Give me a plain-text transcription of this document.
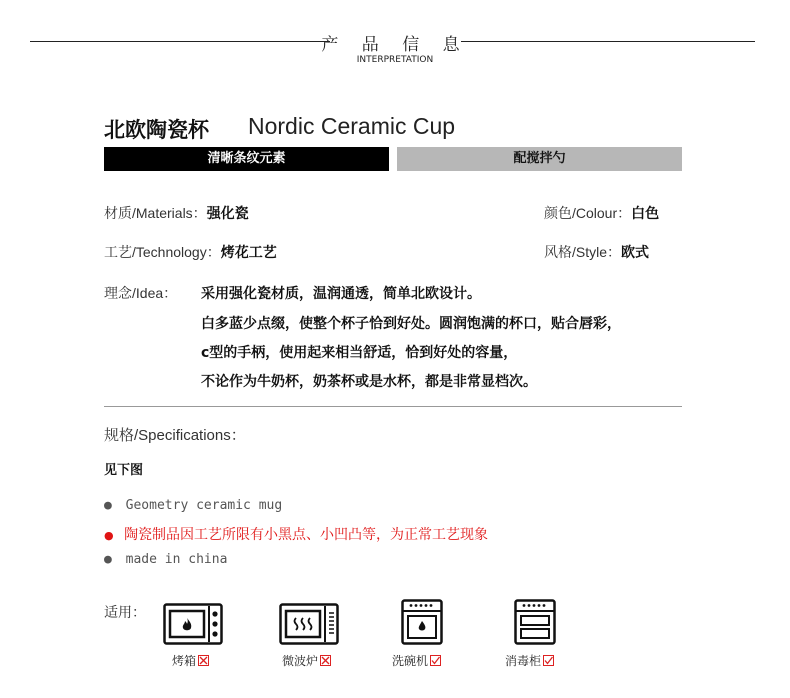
产 品 信 息
INTERPRETATION
北欧陶瓷杯 Nordic Ceramic Cup
清晰条纹元素	配搅拌勺
材质/Materials：强化瓷	颜色/Colour：白色
工艺/Technology：烤花工艺	风格/Style：欧式
理念/Idea： 采用强化瓷材质，温润通透，简单北欧设计。
白多蓝少点缀，使整个杯子恰到好处。圆润饱满的杯口，贴合唇彩，
c型的手柄，使用起来相当舒适，恰到好处的容量，
不论作为牛奶杯，奶茶杯或是水杯，都是非常显档次。
规格/Specifications：
见下图
● Geometry ceramic mug
● 陶瓷制品因工艺所限有小黑点、小凹凸等，为正常工艺现象
● made in china
适用：
烤箱	微波炉	洗碗机	消毒柜
